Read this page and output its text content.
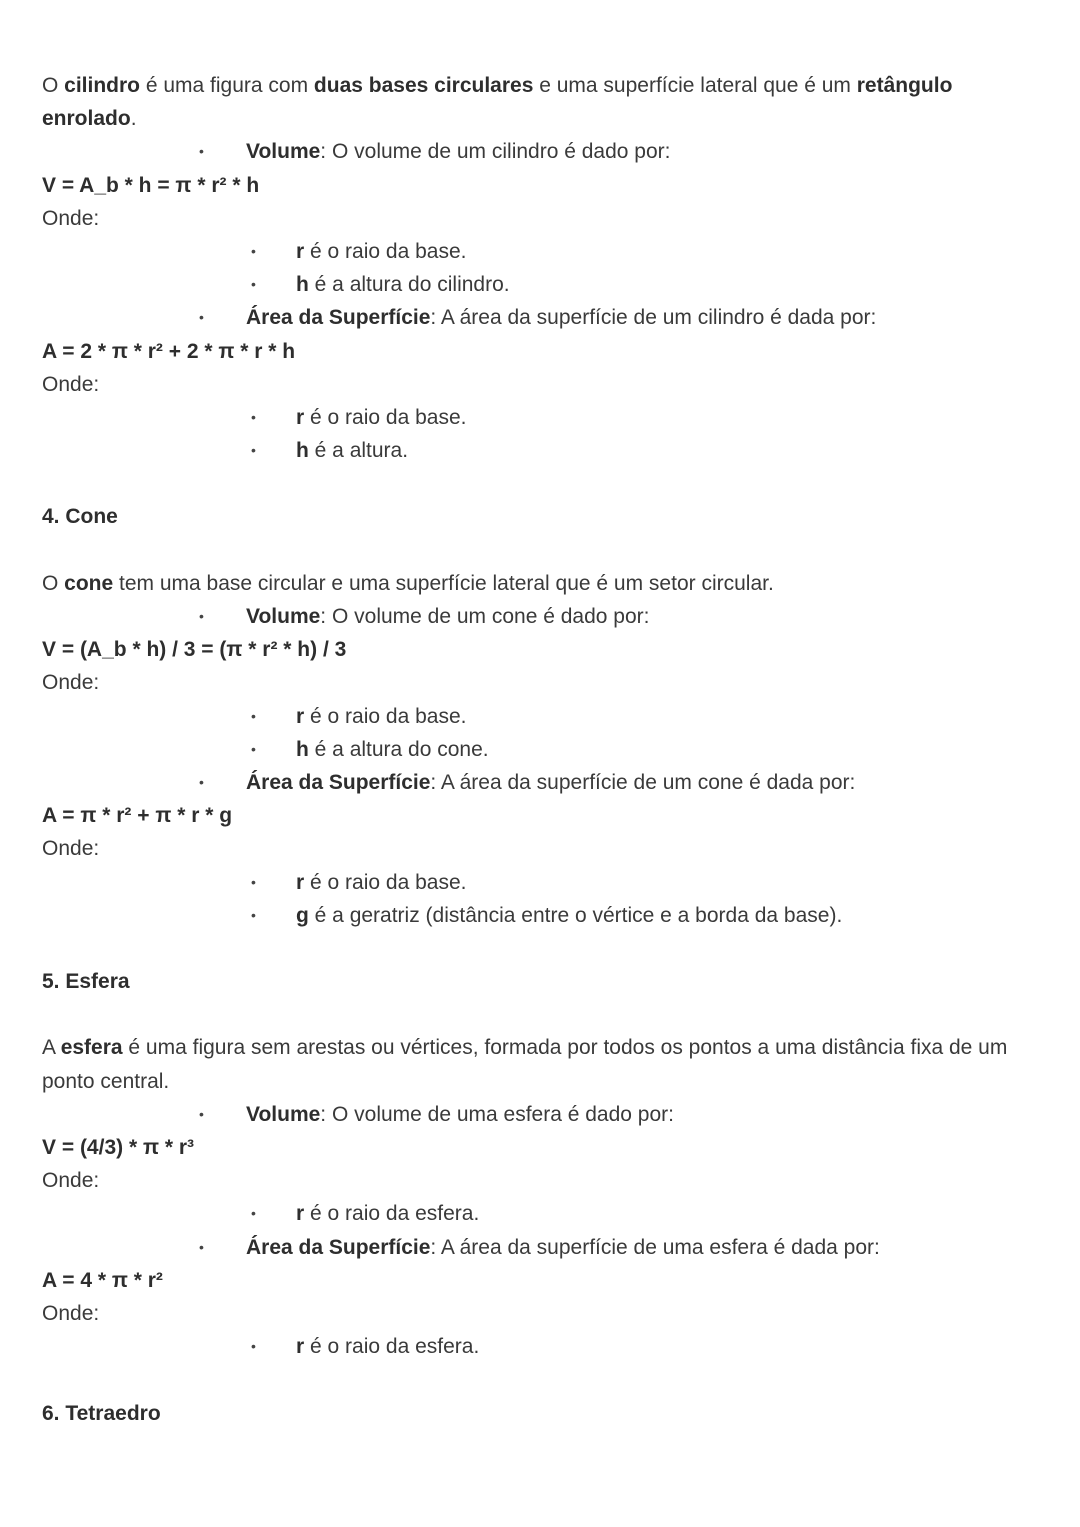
O cilindro é uma figura com duas bases circulares e uma superfície lateral que é um retângulo enrolado.
• Volume: O volume de um cilindro é dado por:
V = A_b * h = π * r² * h
Onde:
• r é o raio da base.
• h é a altura do cilindro.
• Área da Superfície: A área da superfície de um cilindro é dada por:
A = 2 * π * r² + 2 * π * r * h
Onde:
• r é o raio da base.
• h é a altura.
4. Cone
O cone tem uma base circular e uma superfície lateral que é um setor circular.
• Volume: O volume de um cone é dado por:
V = (A_b * h) / 3 = (π * r² * h) / 3
Onde:
• r é o raio da base.
• h é a altura do cone.
• Área da Superfície: A área da superfície de um cone é dada por:
A = π * r² + π * r * g
Onde:
• r é o raio da base.
• g é a geratriz (distância entre o vértice e a borda da base).
5. Esfera
A esfera é uma figura sem arestas ou vértices, formada por todos os pontos a uma distância fixa de um ponto central.
• Volume: O volume de uma esfera é dado por:
V = (4/3) * π * r³
Onde:
• r é o raio da esfera.
• Área da Superfície: A área da superfície de uma esfera é dada por:
A = 4 * π * r²
Onde:
• r é o raio da esfera.
6. Tetraedro
